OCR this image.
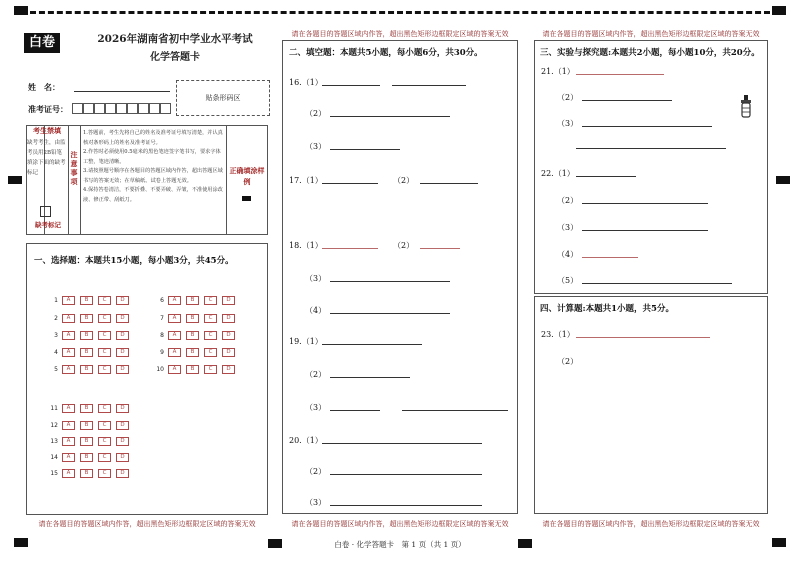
白卷	2026年湖南省初中学业水平考试
化学答题卡
姓　名：
准考证号：
贴条形码区
考生禁填
缺考考生，由监考员用2B铅笔填涂下面的缺考标记
缺考标记
注意事项
1.答题前，考生先将自己的姓名及准考证号填写清楚，并认真核对条形码上的姓名及准考证号。
2.作答时必须使用0.5毫米的黑色笔迹签字笔书写，要求字体工整，笔迹清晰。
3.请按照题号顺序在各题目的答题区域内作答，超出答题区域书写的答案无效；在草稿纸、试卷上答题无效。
4.保持答卷清洁，不要折叠、不要弄破、弄皱，不准使用涂改液、修正带、刮纸刀。
正确填涂样例
一、选择题：本题共15小题，每小题3分，共45分。
1	A	B	C	D
2	A	B	C	D
3	A	B	C	D
4	A	B	C	D
5	A	B	C	D
6	A	B	C	D
7	A	B	C	D
8	A	B	C	D
9	A	B	C	D
10	A	B	C	D
11	A	B	C	D
12	A	B	C	D
13	A	B	C	D
14	A	B	C	D
15	A	B	C	D
请在各题目的答题区域内作答，超出黑色矩形边框限定区域的答案无效
请在各题目的答题区域内作答，超出黑色矩形边框限定区域的答案无效
二、填空题：本题共5小题，每小题6分，共30分。
16.（1）
（2）
（3）
17.（1）	（2）
18.（1）	（2）
（3）
（4）
19.（1）
（2）
（3）
20.（1）
（2）
（3）
请在各题目的答题区域内作答，超出黑色矩形边框限定区域的答案无效
请在各题目的答题区域内作答，超出黑色矩形边框限定区域的答案无效
三、实验与探究题:本题共2小题，每小题10分，共20分。
21.（1）
（2）
（3）
22.（1）
（2）
（3）
（4）
（5）
四、计算题:本题共1小题，共5分。
23.（1）
（2）
请在各题目的答题区域内作答，超出黑色矩形边框限定区域的答案无效
白卷 · 化学答题卡　第 1 页（共 1 页）
